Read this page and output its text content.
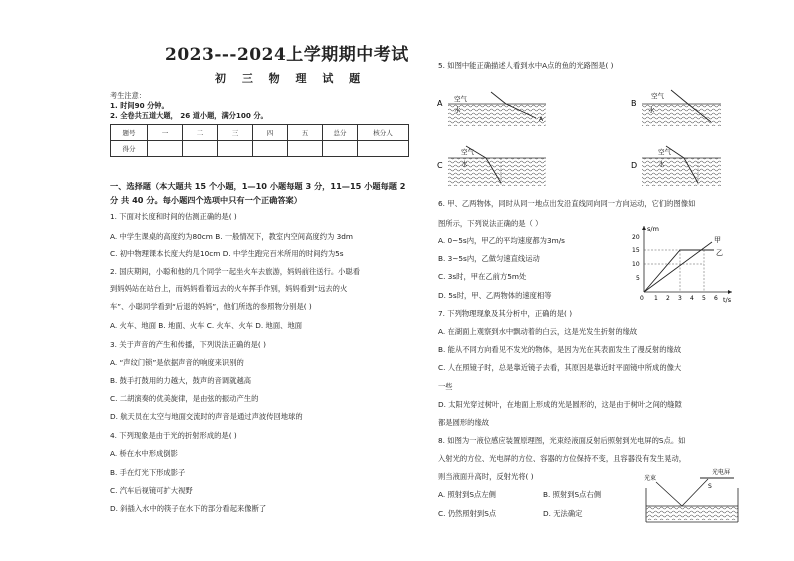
2023---2024上学期期中考试
初 三 物 理 试 题
考生注意：
1. 时间90 分钟。
2. 全卷共五道大题， 26 道小题，满分100 分。
题号	一	二	三	四	五	总分	核分人
得分							
一、选择题（本大题共 15 个小题，1—10 小题每题 3 分，11—15 小题每题 2
分 共 40 分。每小题四个选项中只有一个正确答案）
1. 下面对长度和时间的估测正确的是( )
A. 中学生课桌的高度约为80cm B. 一般情况下，教室内空间高度约为 3dm
C. 初中物理课本长度大约是10cm D. 中学生跑完百米所用的时间约为5s
2. 国庆期间，小聪和他的几个同学一起坐火车去旅游，妈妈前往送行。小聪看
到妈妈站在站台上，而妈妈看着远去的火车挥手作别，妈妈看到“远去的火
车”、小聪同学看到“后退的妈妈”，他们所选的参照物分别是( )
A. 火车、地面 B. 地面、火车 C. 火车、火车 D. 地面、地面
3. 关于声音的产生和传播，下列说法正确的是( )
A. “声纹门锁”是依据声音的响度来识别的
B. 鼓手打鼓用的力越大，鼓声的音调就越高
C. 二胡演奏的优美旋律，是由弦的振动产生的
D. 航天员在太空与地面交流时的声音是通过声波传回地球的
4. 下列现象是由于光的折射形成的是( )
A. 桥在水中形成倒影
B. 手在灯光下形成影子
C. 汽车后视镜可扩大视野
D. 斜插入水中的筷子在水下的部分看起来像断了
5. 如图中能正确描述人看到水中A点的鱼的光路图是( )
A 空气
水
A
B
空气
水
C
空气
水	D
空气
水
6. 甲、乙两物体，同时从同一地点出发沿直线同向同一方向运动，它们的图像如
图所示，下列说法正确的是（ ）
A. 0~5s内，甲乙的平均速度都为3m/s
B. 3~5s内，乙做匀速直线运动
C. 3s时，甲在乙前方5m处
D. 5s时，甲、乙两物体的速度相等
s/m
t/s
20
15
10
5
0 1 2 3 4 5 6
甲
乙
7. 下列物理现象及其分析中，正确的是( )
A. 在湖面上观察到水中飘动着的白云，这是光发生折射的缘故
B. 能从不同方向看见不发光的物体，是因为光在其表面发生了漫反射的缘故
C. 人在照镜子时，总是靠近镜子去看，其原因是靠近时平面镜中所成的像大
一些
D. 太阳光穿过树叶，在地面上形成的光是圆形的，这是由于树叶之间的缝隙
都是圆形的缘故
8. 如图为一液位感应装置原理图，光束经液面反射后照射到光电屏的S点。如
入射光的方位、光电屏的方位、容器的方位保持不变，且容器没有发生晃动，
则当液面升高时，反射光将( )
A. 照射到S点左侧	B. 照射到S点右侧
C. 仍然照射到S点	D. 无法确定
光束
光电屏
S
